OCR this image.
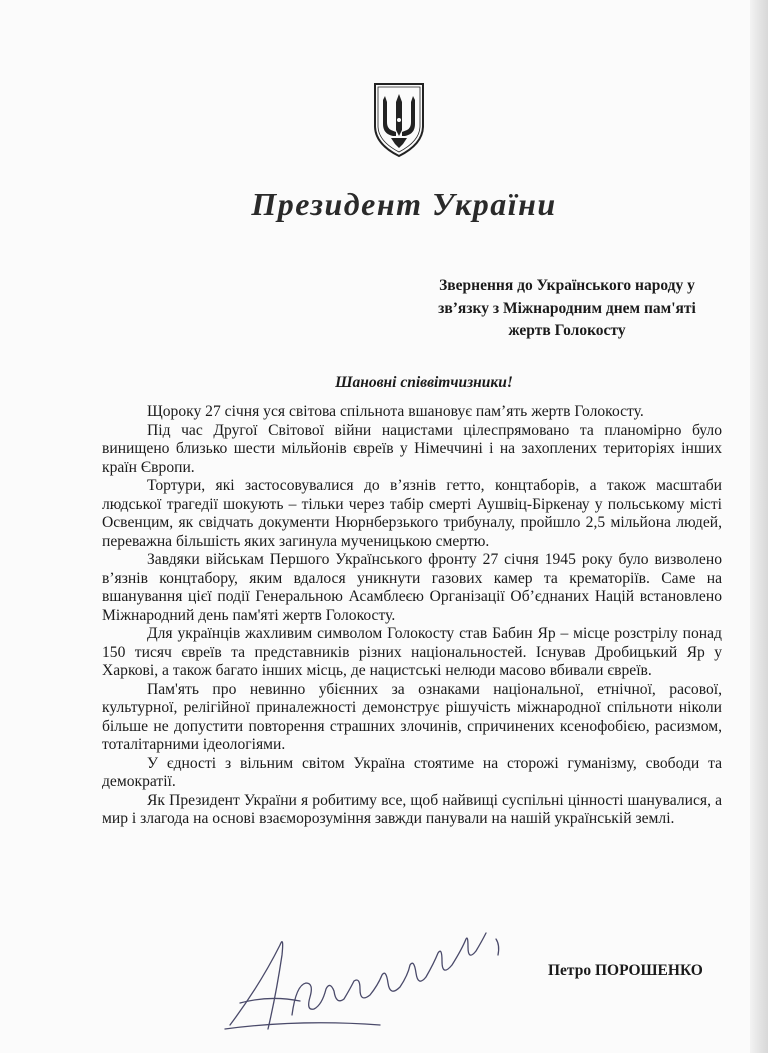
Президент України
Звернення до Українського народу у
зв’язку з Міжнародним днем пам'яті
жертв Голокосту
Шановні співвітчизники!

Щороку 27 січня уся світова спільнота вшановує пам’ять жертв Голокосту.

Під час Другої Світової війни нацистами цілеспрямовано та планомірно було винищено близько шести мільйонів євреїв у Німеччині і на захоплених територіях інших країн Європи.

Тортури, які застосовувалися до в’язнів гетто, концтаборів, а також масштаби людської трагедії шокують – тільки через табір смерті Аушвіц-Біркенау у польському місті Освенцим, як свідчать документи Нюрнберзького трибуналу, пройшло 2,5 мільйона людей, переважна більшість яких загинула мученицькою смертю.

Завдяки військам Першого Українського фронту 27 січня 1945 року було визволено в’язнів концтабору, яким вдалося уникнути газових камер та крематоріїв. Саме на вшанування цієї події Генеральною Асамблеєю Організації Об’єднаних Націй встановлено Міжнародний день пам'яті жертв Голокосту.

Для українців жахливим символом Голокосту став Бабин Яр – місце розстрілу понад 150 тисяч євреїв та представників різних національностей. Існував Дробицький Яр у Харкові, а також багато інших місць, де нацистські нелюди масово вбивали євреїв.

Пам'ять про невинно убієнних за ознаками національної, етнічної, расової, культурної, релігійної приналежності демонструє рішучість міжнародної спільноти ніколи більше не допустити повторення страшних злочинів, спричинених ксенофобією, расизмом, тоталітарними ідеологіями.

У єдності з вільним світом Україна стоятиме на сторожі гуманізму, свободи та демократії.

Як Президент України я робитиму все, щоб найвищі суспільні цінності шанувалися, а мир і злагода на основі взаєморозуміння завжди панували на нашій українській землі.

Петро ПОРОШЕНКО
